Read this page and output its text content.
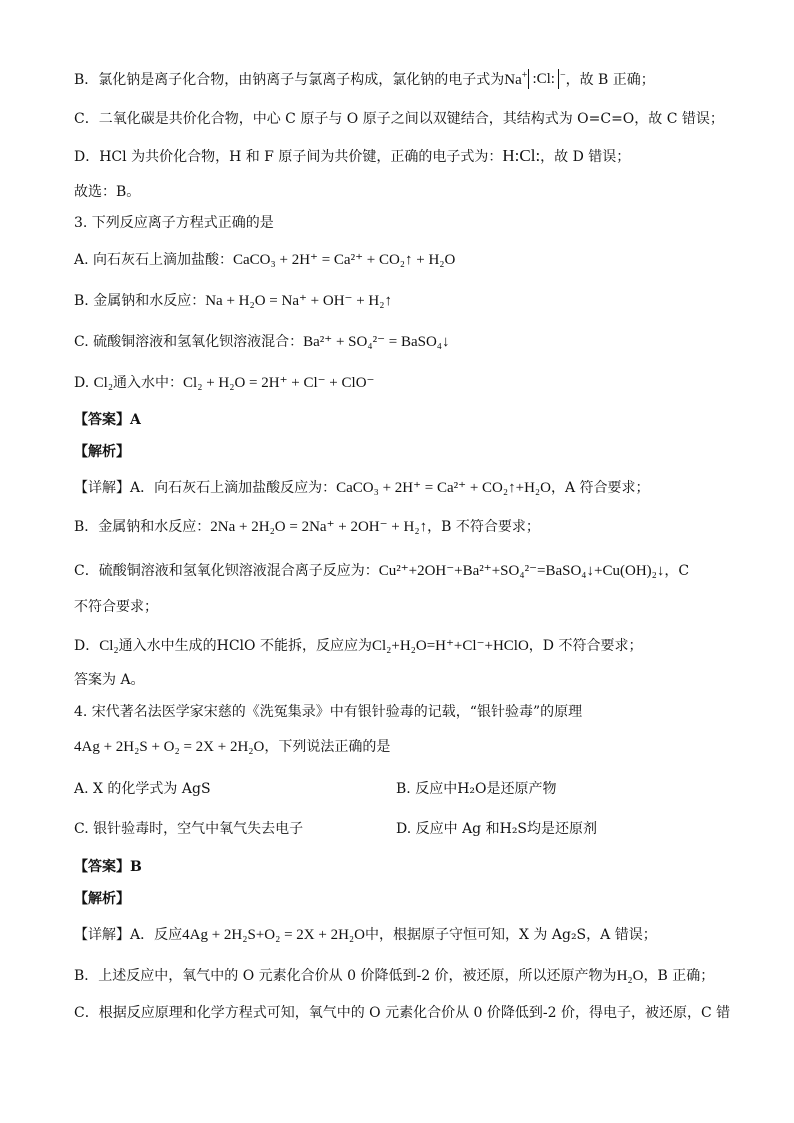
B．氯化钠是离子化合物，由钠离子与氯离子构成，氯化钠的电子式为Na+ :Cl: −，故 B 正确；
C．二氧化碳是共价化合物，中心 C 原子与 O 原子之间以双键结合，其结构式为 O=C=O，故 C 错误；
D．HCl 为共价化合物，H 和 F 原子间为共价键，正确的电子式为：H:Cl:，故 D 错误；
故选：B。
3. 下列反应离子方程式正确的是
A. 向石灰石上滴加盐酸：CaCO₃ + 2H⁺ = Ca²⁺ + CO₂↑ + H₂O
B. 金属钠和水反应：Na + H₂O = Na⁺ + OH⁻ + H₂↑
C. 硫酸铜溶液和氢氧化钡溶液混合：Ba²⁺ + SO₄²⁻ = BaSO₄↓
D. Cl₂通入水中：Cl₂ + H₂O = 2H⁺ + Cl⁻ + ClO⁻
【答案】A
【解析】
【详解】A．向石灰石上滴加盐酸反应为：CaCO₃ + 2H⁺ = Ca²⁺ + CO₂↑+H₂O，A 符合要求；
B．金属钠和水反应：2Na + 2H₂O = 2Na⁺ + 2OH⁻ + H₂↑，B 不符合要求；
C．硫酸铜溶液和氢氧化钡溶液混合离子反应为：Cu²⁺+2OH⁻+Ba²⁺+SO₄²⁻=BaSO₄↓+Cu(OH)₂↓，C
不符合要求；
D．Cl₂通入水中生成的HClO 不能拆，反应应为Cl₂+H₂O=H⁺+Cl⁻+HClO，D 不符合要求；
答案为 A。
4. 宋代著名法医学家宋慈的《洗冤集录》中有银针验毒的记载，“银针验毒”的原理
4Ag + 2H₂S + O₂ = 2X + 2H₂O，下列说法正确的是
A. X 的化学式为 AgS	B. 反应中H₂O是还原产物
C. 银针验毒时，空气中氧气失去电子	D. 反应中 Ag 和H₂S均是还原剂
【答案】B
【解析】
【详解】A．反应4Ag + 2H₂S+O₂ = 2X + 2H₂O中，根据原子守恒可知，X 为 Ag₂S，A 错误；
B．上述反应中，氧气中的 O 元素化合价从 0 价降低到-2 价，被还原，所以还原产物为H₂O，B 正确；
C．根据反应原理和化学方程式可知，氧气中的 O 元素化合价从 0 价降低到-2 价，得电子，被还原，C 错
